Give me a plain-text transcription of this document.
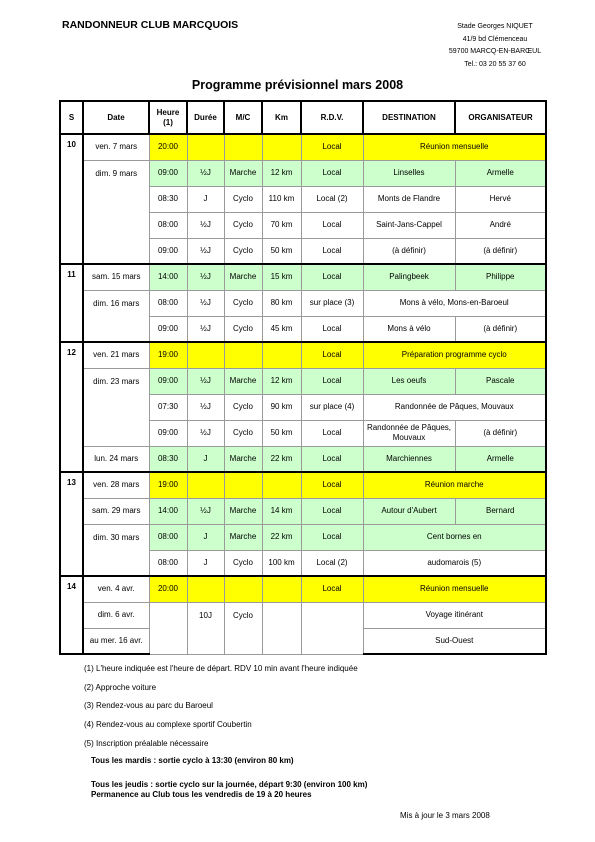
RANDONNEUR CLUB MARCQUOIS	Stade Georges NIQUET
41/9 bd Clémenceau
59700 MARCQ-EN-BARŒUL
Tel.: 03 20 55 37 60
Programme prévisionnel mars 2008
S	Date	Heure (1)	Durée	M/C	Km	R.D.V.	DESTINATION	ORGANISATEUR
10	ven. 7 mars	20:00				Local	Réunion mensuelle	
	dim. 9 mars	09:00	½J	Marche	12 km	Local	Linselles	Armelle
		08:30	J	Cyclo	110 km	Local (2)	Monts de Flandre	Hervé
		08:00	½J	Cyclo	70 km	Local	Saint-Jans-Cappel	André
		09:00	½J	Cyclo	50 km	Local	(à définir)	(à définir)
11	sam. 15 mars	14:00	½J	Marche	15 km	Local	Palingbeek	Philippe
	dim. 16 mars	08:00	½J	Cyclo	80 km	sur place (3)	Mons à vélo, Mons-en-Baroeul	
		09:00	½J	Cyclo	45 km	Local	Mons à vélo	(à définir)
12	ven. 21 mars	19:00				Local	Préparation programme cyclo	
	dim. 23 mars	09:00	½J	Marche	12 km	Local	Les oeufs	Pascale
		07:30	½J	Cyclo	90 km	sur place (4)	Randonnée de Pâques, Mouvaux	
		09:00	½J	Cyclo	50 km	Local	Randonnée de Pâques, Mouvaux	(à définir)
	lun. 24 mars	08:30	J	Marche	22 km	Local	Marchiennes	Armelle
13	ven. 28 mars	19:00				Local	Réunion marche	
	sam. 29 mars	14:00	½J	Marche	14 km	Local	Autour d'Aubert	Bernard
	dim. 30 mars	08:00	J	Marche	22 km	Local	Cent bornes en	
		08:00	J	Cyclo	100 km	Local (2)	audomarois (5)	
14	ven. 4 avr.	20:00				Local	Réunion mensuelle	
	dim. 6 avr.		10J	Cyclo			Voyage itinérant	
	au mer. 16 avr.						Sud-Ouest	
(1) L'heure indiquée est l'heure de départ. RDV 10 min avant l'heure indiquée
(2) Approche voiture
(3) Rendez-vous au parc du Baroeul
(4) Rendez-vous au complexe sportif Coubertin
(5) Inscription préalable nécessaire
Tous les mardis : sortie cyclo à 13:30 (environ 80 km)
Tous les jeudis : sortie cyclo sur la journée, départ 9:30 (environ 100 km)
Permanence au Club tous les vendredis de 19 à 20 heures
Mis à jour le 3 mars 2008
